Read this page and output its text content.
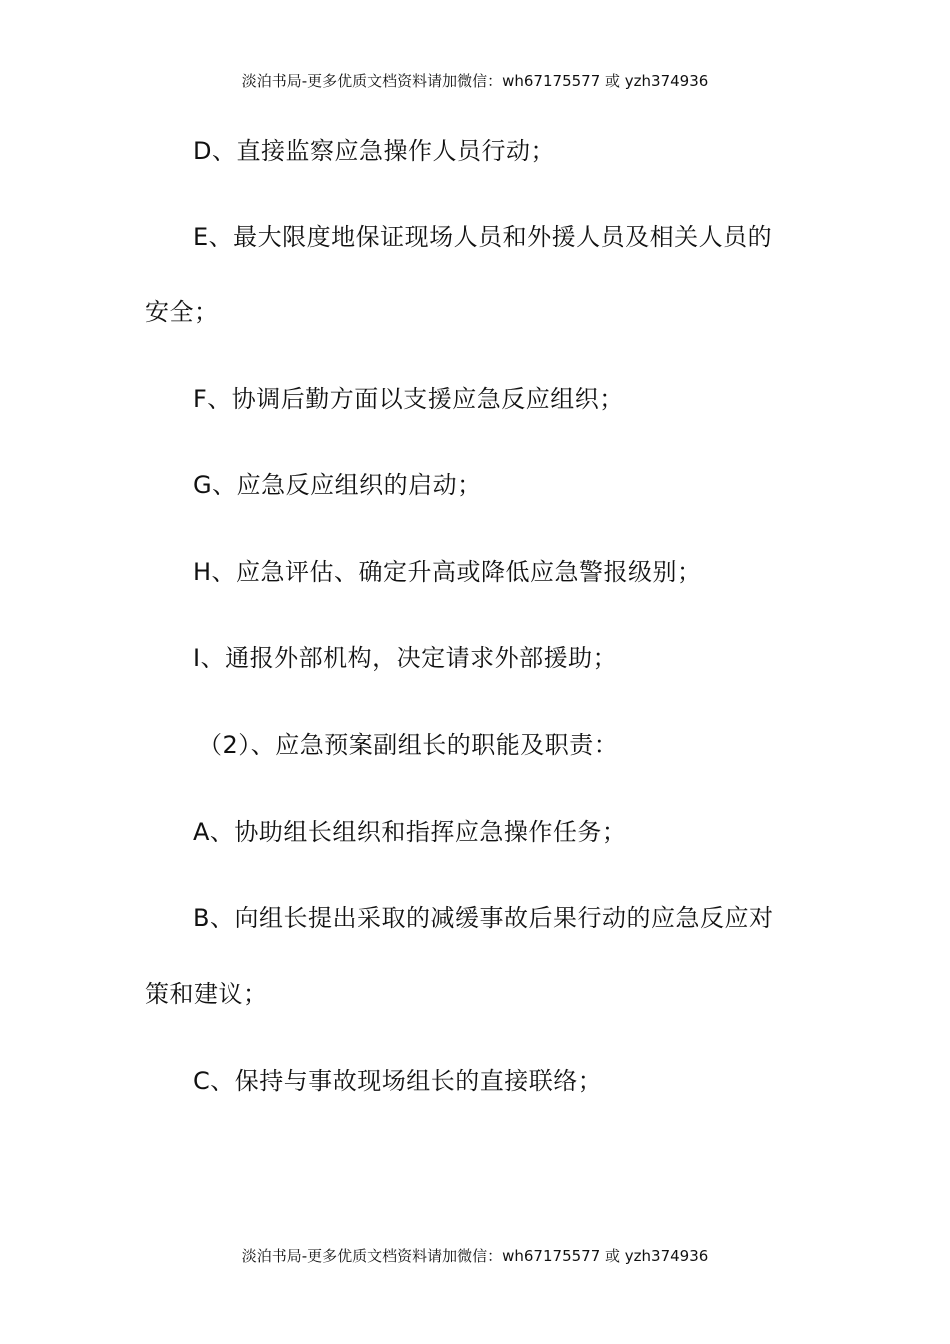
淡泊书局-更多优质文档资料请加微信：wh67175577 或 yzh374936
D、直接监察应急操作人员行动；
E、最大限度地保证现场人员和外援人员及相关人员的
安全；
F、协调后勤方面以支援应急反应组织；
G、应急反应组织的启动；
H、应急评估、确定升高或降低应急警报级别；
I、通报外部机构，决定请求外部援助；
（2）、应急预案副组长的职能及职责：
A、协助组长组织和指挥应急操作任务；
B、向组长提出采取的减缓事故后果行动的应急反应对
策和建议；
C、保持与事故现场组长的直接联络；
淡泊书局-更多优质文档资料请加微信：wh67175577 或 yzh374936
